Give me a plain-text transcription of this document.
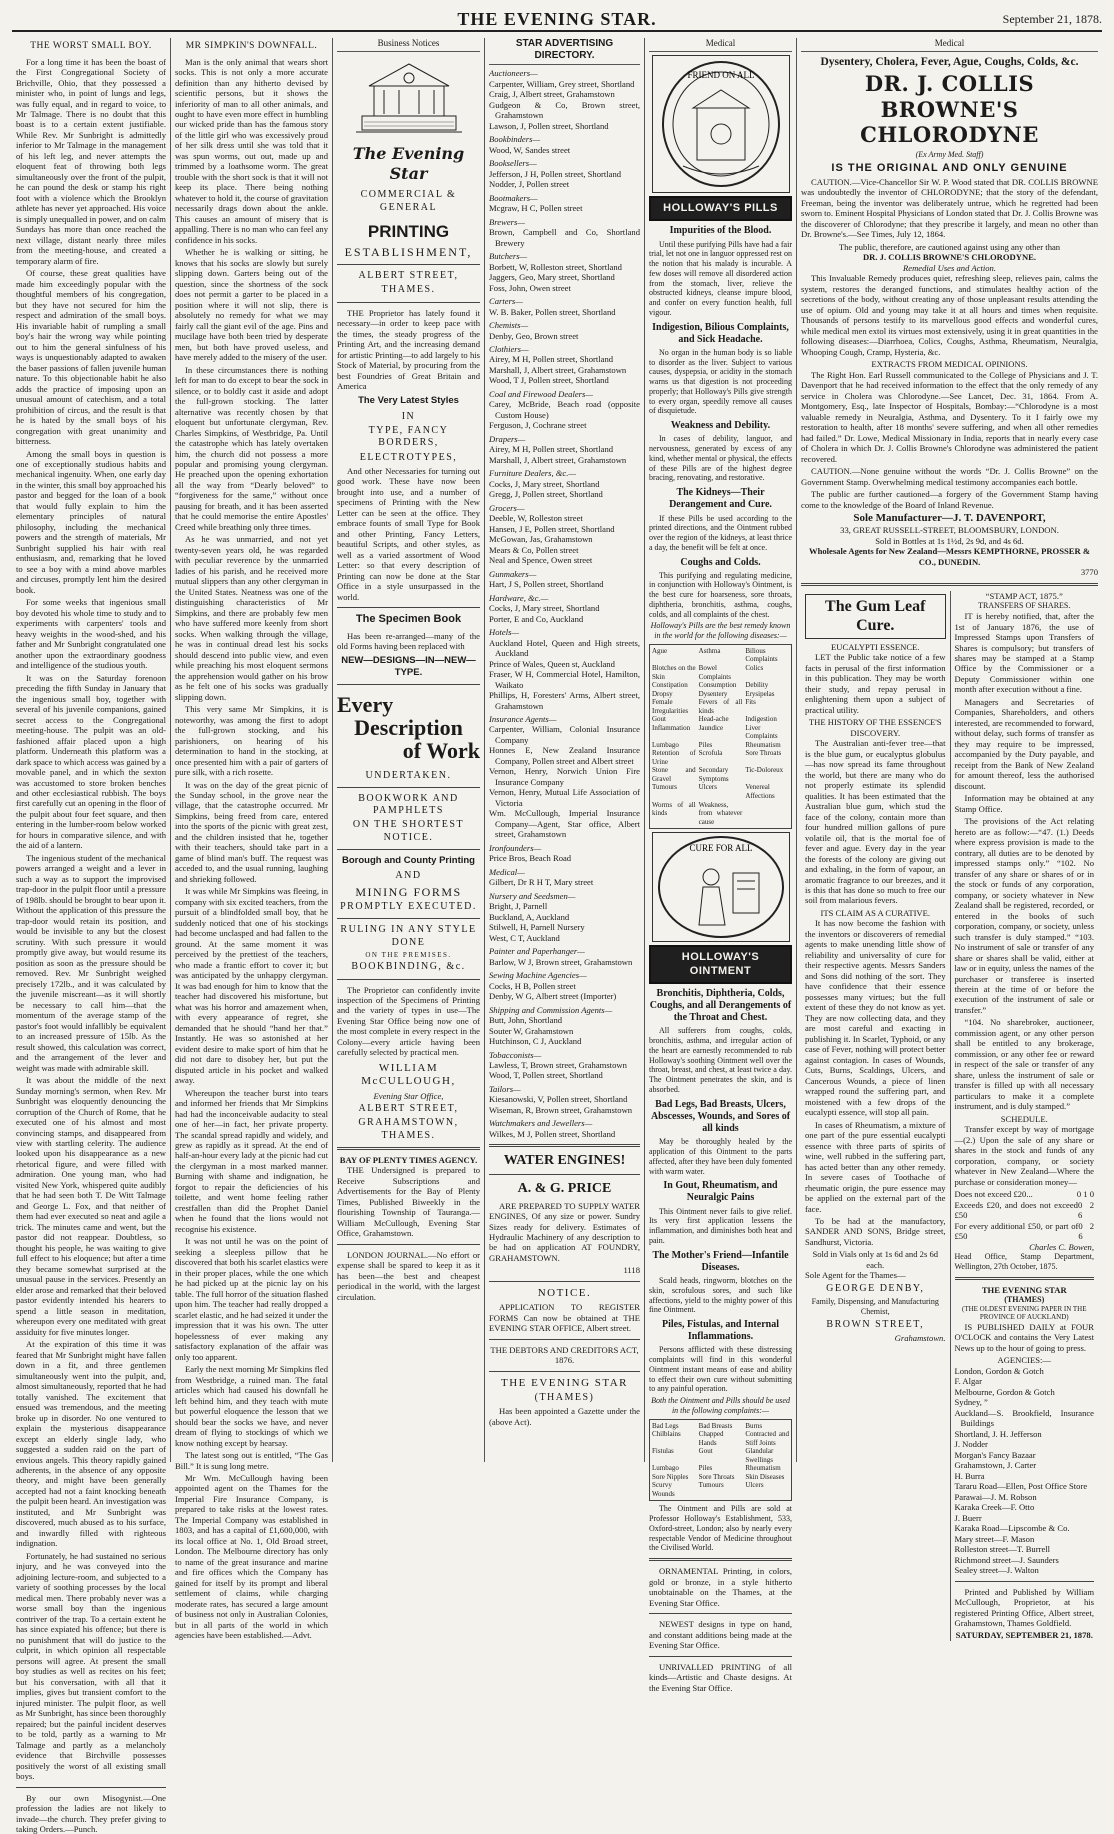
THE EVENING STAR.	September 21, 1878.
THE WORST SMALL BOY.

For a long time it has been the boast of the First Congregational Society of Brichville, Ohio, that they possessed a minister who, in point of lungs and legs, was fully equal, and in regard to voice, to Mr Talmage. There is no doubt that this boast is to a certain extent justifiable. While Rev. Mr Sunbright is admittedly inferior to Mr Talmage in the management of his left leg, and never attempts the eloquent feat of throwing both legs simultaneously over the front of the pulpit, he can pound the desk or stamp his right foot with a violence which the Brooklyn athlete has never yet approached. His voice is simply unequalled in power, and on calm Sundays has more than once reached the next village, distant nearly three miles from the meeting-house, and created a temporary alarm of fire.

Of course, these great qualities have made him exceedingly popular with the thoughtful members of his congregation, but they have not secured for him the respect and admiration of the small boys. His invariable habit of rumpling a small boy's hair the wrong way while pointing out to him the general sinfulness of his ways is unquestionably adapted to awaken the baser passions of fallen juvenile human nature. To this objectionable habit he also adds the practice of imposing upon an unusual amount of catechism, and a total prohibition of circus, and the result is that he is hated by the small boys of his congregation with great unanimity and bitterness.

Among the small boys in question is one of exceptionally studious habits and mechanical ingenuity. When, one early day in the winter, this small boy approached his pastor and begged for the loan of a book that would fully explain to him the elementary principles of natural philosophy, including the mechanical powers and the strength of materials, Mr Sunbright supplied his hair with real enthusiasm, and, remarking that he loved to see a boy with a mind above marbles and circuses, promptly lent him the desired book.

For some weeks that ingenious small boy devoted his whole time to study and to experiments with carpenters' tools and heavy weights in the wood-shed, and his father and Mr Sunbright congratulated one another upon the extraordinary goodness and intelligence of the studious youth.

It was on the Saturday forenoon preceding the fifth Sunday in January that the ingenious small boy, together with several of his juvenile companions, gained secret access to the Congregational meeting-house. The pulpit was an old-fashioned affair placed upon a high platform. Underneath this platform was a dark space to which access was gained by a movable panel, and in which the sexton was accustomed to store broken benches and other ecclesiastical rubbish. The boys first carefully cut an opening in the floor of the pulpit about four feet square, and then entering in the lumber-room below worked for hours in comparative silence, and with the aid of a lantern.

The ingenious student of the mechanical powers arranged a weight and a lever in such a way as to support the improvised trap-door in the pulpit floor until a pressure of 198lb. should be brought to bear upon it. Without the application of this pressure the trap-door would retain its position, and would be invisible to any but the closest scrutiny. With such pressure it would promptly give away, but would resume its position as soon as the pressure should be removed. Rev. Mr Sunbright weighed precisely 172lb., and it was calculated by the juvenile miscreant—as it will shortly be necessary to call him—that the momentum of the average stamp of the pastor's foot would infallibly be equivalent to an increased pressure of 15lb. As the result showed, this calculation was correct, and the arrangement of the lever and weight was made with admirable skill.

It was about the middle of the next Sunday morning's sermon, when Rev. Mr Sunbright was eloquently denouncing the corruption of the Church of Rome, that he executed one of his almost and most convincing stamps, and disappeared from view with startling celerity. The audience looked upon his disappearance as a new rhetorical figure, and were filled with admiration. One young man, who had visited New York, whispered quite audibly that he had seen both T. De Witt Talmage and George L. Fox, and that neither of them had ever executed so neat and agile a trick. The minutes came and went, but the pastor did not reappear. Doubtless, so thought his people, he was waiting to give full effect to his eloquence; but after a time they became somewhat surprised at the unusual pause in the services. Presently an elder arose and remarked that their beloved pastor evidently intended his hearers to spend a little season in meditation, whereupon every one meditated with great assiduity for five minutes longer.

At the expiration of this time it was feared that Mr Sunbright might have fallen down in a fit, and three gentlemen simultaneously went into the pulpit, and, almost simultaneously, reported that he had totally vanished. The excitement that ensued was tremendous, and the meeting broke up in disorder. No one ventured to explain the mysterious disappearance except an elderly single lady, who suggested a sudden raid on the part of envious angels. This theory rapidly gained adherents, in the absence of any opposite theory, and might have been generally accepted had not a faint knocking beneath the pulpit been heard. An investigation was instituted, and Mr Sunbright was discovered, much abused as to his surface, and inwardly filled with righteous indignation.

Fortunately, he had sustained no serious injury, and he was conveyed into the adjoining lecture-room, and subjected to a variety of soothing processes by the local medical men. There probably never was a worse small boy than the ingenious contriver of the trap. To a certain extent he has since expiated his offence; but there is no punishment that will do justice to the culprit, in which opinion all respectable persons will agree. At present the small boy studies as well as recites on his feet; but his conversation, with all that it implies, gives but transient comfort to the injured minister. The pulpit floor, as well as Mr Sunbright, has since been thoroughly repaired; but the painful incident deserves to be told, partly as a warning to Mr Talmage and partly as a melancholy evidence that Birchville possesses positively the worst of all existing small boys.

By our own Misogynist.—One profession the ladies are not likely to invade—the church. They prefer giving to taking Orders.—Punch.

MR SIMPKIN'S DOWNFALL.

Man is the only animal that wears short socks. This is not only a more accurate definition than any hitherto devised by scientific persons, but it shows the inferiority of man to all other animals, and ought to have even more effect in humbling our wicked pride than has the famous story of the little girl who was excessively proud of her silk dress until she was told that it was spun worms, out out, made up and trimmed by a loathsome worm. The great trouble with the short sock is that it will not keep its place. There being nothing whatever to hold it, the course of gravitation necessarily drags down about the ankle. This causes an amount of misery that is appalling. There is no man who can feel any confidence in his socks.

Whether he is walking or sitting, he knows that his socks are slowly but surely slipping down. Garters being out of the question, since the shortness of the sock does not permit a garter to be placed in a position where it will not slip, there is absolutely no remedy for what we may fairly call the giant evil of the age. Pins and mucilage have both been tried by desperate men, but both have proved useless, and have merely added to the misery of the user.

In these circumstances there is nothing left for man to do except to bear the sock in silence, or to boldly cast it aside and adopt the full-grown stocking. The latter alternative was recently chosen by that eloquent but unfortunate clergyman, Rev. Charles Simpkins, of Westbridge, Pa. Until the catastrophe which has lately overtaken him, the church did not possess a more popular and promising young clergyman. He preached upon the opening exhortation all the way from “Dearly beloved” to “forgiveness for the same,” without once pausing for breath, and it has been asserted that he could memorise the entire Apostles' Creed while breathing only three times.

As he was unmarried, and not yet twenty-seven years old, he was regarded with peculiar reverence by the unmarried ladies of his parish, and he received more mutual slippers than any other clergyman in the United States. Neatness was one of the distinguishing characteristics of Mr Simpkins, and there are probably few men who have suffered more keenly from short socks. When walking through the village, he was in continual dread lest his socks should descend into public view, and even while preaching his most eloquent sermons the apprehension would gather on his brow as he felt one of his socks was gradually slipping down.

This very same Mr Simpkins, it is noteworthy, was among the first to adopt the full-grown stocking, and his parishioners, on hearing of his determination to hand in the stocking, at once presented him with a pair of garters of pure silk, with a rich rosette.

It was on the day of the great picnic of the Sunday school, in the grove near the village, that the catastrophe occurred. Mr Simpkins, being freed from care, entered into the sports of the picnic with great zest, and the children insisted that he, together with their teachers, should take part in a game of blind man's buff. The request was acceded to, and the usual running, laughing and shrieking followed.

It was while Mr Simpkins was fleeing, in company with six excited teachers, from the pursuit of a blindfolded small boy, that he suddenly noticed that one of his stockings had become unclasped and had fallen to the ground. At the same moment it was perceived by the prettiest of the teachers, who made a frantic effort to cover it; but was anticipated by the unhappy clergyman. It was bad enough for him to know that the teacher had discovered his misfortune, but what was his horror and amazement when, with every appearance of regret, she demanded that he should “hand her that.” Instantly. He was so astonished at her evident desire to make sport of him that he did not dare to disobey her, but put the disputed article in his pocket and walked away.

Whereupon the teacher burst into tears and informed her friends that Mr Simpkins had had the inconceivable audacity to steal one of her—in fact, her private property. The scandal spread rapidly and widely, and grew as rapidly as it spread. At the end of half-an-hour every lady at the picnic had cut the clergyman in a most marked manner. Burning with shame and indignation, he forgot to repair the deficiencies of his toilette, and went home feeling rather crestfallen than did the Prophet Daniel when he found that the lions would not recognise his existence.

It was not until he was on the point of seeking a sleepless pillow that he discovered that both his scarlet elastics were in their proper places, while the one which he had picked up at the picnic lay on his table. The full horror of the situation flashed upon him. The teacher had really dropped a scarlet elastic, and he had seized it under the impression that it was his own. The utter hopelessness of ever making any satisfactory explanation of the affair was only too apparent.

Early the next morning Mr Simpkins fled from Westbridge, a ruined man. The fatal articles which had caused his downfall he left behind him, and they teach with mute but powerful eloquence the lesson that we should bear the socks we have, and never dream of flying to stockings of which we know nothing except by hearsay.

The latest song out is entitled, “The Gas Bill.” It is sung long metre.

Mr Wm. McCullough having been appointed agent on the Thames for the Imperial Fire Insurance Company, is prepared to take risks at the lowest rates. The Imperial Company was established in 1803, and has a capital of £1,600,000, with its local office at No. 1, Old Broad street, London. The Melbourne directory has only to name of the great insurance and marine and fire offices which the Company has gained for itself by its prompt and liberal settlement of claims, while charging moderate rates, has secured a large amount of business not only in Australian Colonies, but in all parts of the world in which agencies have been established.—Advt.

Business Notices
The Evening Star
COMMERCIAL & GENERAL
PRINTING
ESTABLISHMENT,
ALBERT STREET,
THAMES.

THE Proprietor has lately found it necessary—in order to keep pace with the times, the steady progress of the Printing Art, and the increasing demand for artistic Printing—to add largely to his Stock of Material, by procuring from the best Foundries of Great Britain and America

The Very Latest Styles
IN
TYPE, FANCY BORDERS,
ELECTROTYPES,

And other Necessaries for turning out good work. These have now been brought into use, and a number of specimens of Printing with the New Letter can be seen at the office. They embrace founts of small Type for Book and other Printing, Fancy Letters, beautiful Scripts, and other styles, as well as a varied assortment of Wood Letter: so that every description of Printing can now be done at the Star Office in a style unsurpassed in the world.

The Specimen Book

Has been re-arranged—many of the old Forms having been replaced with

NEW—DESIGNS—IN—NEW—TYPE.
Every
Description
of Work
UNDERTAKEN.
BOOKWORK AND PAMPHLETS
ON THE SHORTEST NOTICE.
Borough and County Printing
AND
MINING FORMS
PROMPTLY EXECUTED.
RULING IN ANY STYLE DONE
ON THE PREMISES.
BOOKBINDING, &c.

The Proprietor can confidently invite inspection of the Specimens of Printing and the variety of types in use—The Evening Star Office being now one of the most complete in every respect in the Colony—every article having been carefully selected by practical men.

WILLIAM McCULLOUGH,
Evening Star Office,
ALBERT STREET,
GRAHAMSTOWN, THAMES.
BAY OF PLENTY TIMES AGENCY.

THE Undersigned is prepared to Receive Subscriptions and Advertisements for the Bay of Plenty Times, Published Biweekly in the flourishing Township of Tauranga.—William McCullough, Evening Star Office, Grahamstown.

LONDON JOURNAL.—No effort or expense shall be spared to keep it as it has been—the best and cheapest periodical in the world, with the largest circulation.

STAR ADVERTISING DIRECTORY.
Auctioneers—
Carpenter, William, Grey street, Shortland
Craig, J, Albert street, Grahamstown
Gudgeon & Co, Brown street, Grahamstown
Lawson, J, Pollen street, Shortland
Bookbinders—
Wood, W, Sandes street
Booksellers—
Jefferson, J H, Pollen street, Shortland
Nodder, J, Pollen street
Bootmakers—
Mcgraw, H C, Pollen street
Brewers—
Brown, Campbell and Co, Shortland Brewery
Butchers—
Borbett, W, Rolleston street, Shortland
Jaggers, Geo, Mary street, Shortland
Foss, John, Owen street
Carters—
W. B. Baker, Pollen street, Shortland
Chemists—
Denby, Geo, Brown street
Clothiers—
Airey, M H, Pollen street, Shortland
Marshall, J, Albert street, Grahamstown
Wood, T J, Pollen street, Shortland
Coal and Firewood Dealers—
Carey, McBride, Beach road (opposite Custom House)
Ferguson, J, Cochrane street
Drapers—
Airey, M H, Pollen street, Shortland
Marshall, J, Albert street, Grahamstown
Furniture Dealers, &c.—
Cocks, J, Mary street, Shortland
Gregg, J, Pollen street, Shortland
Grocers—
Deeble, W, Rolleston street
Hansen, J E, Pollen street, Shortland
McGowan, Jas, Grahamstown
Mears & Co, Pollen street
Neal and Spence, Owen street
Gunmakers—
Hart, J S, Pollen street, Shortland
Hardware, &c.—
Cocks, J, Mary street, Shortland
Porter, E and Co, Auckland
Hotels—
Auckland Hotel, Queen and High streets, Auckland
Prince of Wales, Queen st, Auckland
Fraser, W H, Commercial Hotel, Hamilton, Waikato
Phillips, H, Foresters' Arms, Albert street, Grahamstown
Insurance Agents—
Carpenter, William, Colonial Insurance Company
Honnes E, New Zealand Insurance Company, Pollen street and Albert street
Vernon, Henry, Norwich Union Fire Insurance Company
Vernon, Henry, Mutual Life Association of Victoria
Wm. McCullough, Imperial Insurance Company—Agent, Star office, Albert street, Grahamstown
Ironfounders—
Price Bros, Beach Road
Medical—
Gilbert, Dr R H T, Mary street
Nursery and Seedsmen—
Bright, J, Parnell
Buckland, A, Auckland
Stilwell, H, Parnell Nursery
West, C T, Auckland
Painter and Paperhanger—
Barlow, W J, Brown street, Grahamstown
Sewing Machine Agencies—
Cocks, H B, Pollen street
Denby, W G, Albert street (Importer)
Shipping and Commission Agents—
Butt, John, Shortland
Souter W, Grahamstown
Hutchinson, C J, Auckland
Tobacconists—
Lawless, T, Brown street, Grahamstown
Wood, T, Pollen street, Shortland
Tailors—
Kiesanowski, V, Pollen street, Shortland
Wiseman, R, Brown street, Grahamstown
Watchmakers and Jewellers—
Wilkes, M J, Pollen street, Shortland
WATER ENGINES!
A. & G. PRICE

ARE PREPARED TO SUPPLY WATER ENGINES, Of any size or power. Sundry Sizes ready for delivery. Estimates of Hydraulic Machinery of any description to be had on application AT FOUNDRY, GRAHAMSTOWN.

1118
NOTICE.

APPLICATION TO REGISTER FORMS Can now be obtained at THE EVENING STAR OFFICE, Albert street.

THE DEBTORS AND CREDITORS ACT, 1876.
THE EVENING STAR
(THAMES)

Has been appointed a Gazette under the (above Act).

Medical
FRIEND ON ALL
HOLLOWAY'S PILLS
Impurities of the Blood.

Until these purifying Pills have had a fair trial, let not one in languor oppressed rest on the notion that his malady is incurable. A few doses will remove all disordered action from the stomach, liver, relieve the obstructed kidneys, cleanse impure blood, and confer on every function health, full vigour.

Indigestion, Bilious Complaints, and Sick Headache.

No organ in the human body is so liable to disorder as the liver. Subject to various causes, dyspepsia, or acidity in the stomach warns us that digestion is not proceeding properly; that Holloway's Pills give strength to every organ, speedily remove all causes of disquietude.

Weakness and Debility.

In cases of debility, languor, and nervousness, generated by excess of any kind, whether mental or physical, the effects of these Pills are of the highest degree bracing, renovating, and restorative.

The Kidneys—Their Derangement and Cure.

If these Pills be used according to the printed directions, and the Ointment rubbed over the region of the kidneys, at least thrice a day, the benefit will be felt at once.

Coughs and Colds.

This purifying and regulating medicine, in conjunction with Holloway's Ointment, is the best cure for hoarseness, sore throats, diphtheria, bronchitis, asthma, coughs, colds, and all complaints of the chest.

Holloway's Pills are the best remedy known in the world for the following diseases:—
Ague	Asthma	Bilious Complaints
Blotches on the Skin
Bowel Complaints
Colics
Constipation	Consumption	Debility
Dropsy	Dysentery	Erysipelas
Female Irregularities
Fevers of all kinds
Fits
Gout	Head-ache	Indigestion
Inflammation	Jaundice	Liver Complaints
Lumbago	Piles	Rheumatism
Retention of Urine
Scrofula	Sore Throats
Stone and Gravel
Secondary Symptoms
Tic-Doloreux
Tumours	Ulcers	Venereal Affections
Worms of all kinds
Weakness, from whatever cause
CURE FOR ALL
HOLLOWAY'S OINTMENT
Bronchitis, Diphtheria, Colds, Coughs, and all Derangements of the Throat and Chest.

All sufferers from coughs, colds, bronchitis, asthma, and irregular action of the heart are earnestly recommended to rub Holloway's soothing Ointment well over the throat, breast, and chest, at least twice a day. The Ointment penetrates the skin, and is absorbed.

Bad Legs, Bad Breasts, Ulcers, Abscesses, Wounds, and Sores of all kinds

May be thoroughly healed by the application of this Ointment to the parts affected, after they have been duly fomented with warm water.

In Gout, Rheumatism, and Neuralgic Pains

This Ointment never fails to give relief. Its very first application lessens the inflammation, and diminishes both heat and pain.

The Mother's Friend—Infantile Diseases.

Scald heads, ringworm, blotches on the skin, scrofulous sores, and such like affections, yield to the mighty power of this fine Ointment.

Piles, Fistulas, and Internal Inflammations.

Persons afflicted with these distressing complaints will find in this wonderful Ointment instant means of ease and ability to effect their own cure without submitting to any painful operation.

Both the Ointment and Pills should be used in the following complaints:—
Bad Legs	Bad Breasts	Burns
Chilblains	Chapped Hands
Contracted and Stiff Joints
Fistulas	Gout	Glandular Swellings
Lumbago	Piles	Rheumatism
Sore Nipples	Sore Throats	Skin Diseases
Scurvy	Tumours	Ulcers
Wounds

The Ointment and Pills are sold at Professor Holloway's Establishment, 533, Oxford-street, London; also by nearly every respectable Vendor of Medicine throughout the Civilised World.

ORNAMENTAL Printing, in colors, gold or bronze, in a style hitherto unobtainable on the Thames, at the Evening Star Office.

NEWEST designs in type on hand, and constant additions being made at the Evening Star Office.

UNRIVALLED PRINTING of all kinds—Artistic and Chaste designs. At the Evening Star Office.

Medical
Dysentery, Cholera, Fever, Ague, Coughs, Colds, &c.
DR. J. COLLIS BROWNE'S CHLORODYNE
(Ex Army Med. Staff)
IS THE ORIGINAL AND ONLY GENUINE

CAUTION.—Vice-Chancellor Sir W. P. Wood stated that DR. COLLIS BROWNE was undoubtedly the inventor of CHLORODYNE; that the story of the defendant, Freeman, being the inventor was deliberately untrue, which he regretted had been sworn to. Eminent Hospital Physicians of London stated that Dr. J. Collis Browne was the discoverer of Chlorodyne; that they prescribe it largely, and mean no other than Dr. Browne's.—See Times, July 12, 1864.

The public, therefore, are cautioned against using any other than
DR. J. COLLIS BROWNE'S CHLORODYNE.
Remedial Uses and Action.

This Invaluable Remedy produces quiet, refreshing sleep, relieves pain, calms the system, restores the deranged functions, and stimulates healthy action of the secretions of the body, without creating any of those unpleasant results attending the use of opium. Old and young may take it at all hours and times when requisite. Thousands of persons testify to its marvellous good effects and wonderful cures, while medical men extol its virtues most extensively, using it in great quantities in the following diseases:—Diarrhoea, Colics, Coughs, Asthma, Rheumatism, Neuralgia, Whooping Cough, Cramp, Hysteria, &c.

EXTRACTS FROM MEDICAL OPINIONS.

The Right Hon. Earl Russell communicated to the College of Physicians and J. T. Davenport that he had received information to the effect that the only remedy of any service in Cholera was Chlorodyne.—See Lancet, Dec. 31, 1864. From A. Montgomery, Esq., late Inspector of Hospitals, Bombay:—“Chlorodyne is a most valuable remedy in Neuralgia, Asthma, and Dysentery. To it I fairly owe my restoration to health, after 18 months' severe suffering, and when all other remedies had failed.” Dr. Lowe, Medical Missionary in India, reports that in nearly every case of Cholera in which Dr. J. Collis Browne's Chlorodyne was administered the patient recovered.

CAUTION.—None genuine without the words “Dr. J. Collis Browne” on the Government Stamp. Overwhelming medical testimony accompanies each bottle.

The public are further cautioned—a forgery of the Government Stamp having come to the knowledge of the Board of Inland Revenue.

Sole Manufacturer—J. T. DAVENPORT,
33, GREAT RUSSELL-STREET, BLOOMSBURY, LONDON.
Sold in Bottles at 1s 1½d, 2s 9d, and 4s 6d.
Wholesale Agents for New Zealand—Messrs KEMPTHORNE, PROSSER & CO., DUNEDIN.
3770
The Gum Leaf Cure.
EUCALYPTI ESSENCE.

LET the Public take notice of a few facts in perusal of the first information in this publication. They may be worth their study, and repay perusal in enlightening them upon a subject of practical utility.

THE HISTORY OF THE ESSENCE'S DISCOVERY.

The Australian anti-fever tree—that is the blue gum, or eucalyptus globulus—has now spread its fame throughout the world, but there are many who do not properly estimate its splendid qualities. It has been estimated that the Australian blue gum, which stud the face of the colony, contain more than four hundred million gallons of pure volatile oil, that is the mortal foe of fever and ague. Every day in the year the forests of the colony are giving out and exhaling, in the form of vapour, an aromatic fragrance to our breezes, and it is this that has done so much to free our soil from malarious fevers.

ITS CLAIM AS A CURATIVE.

It has now become the fashion with the inventors or discoverers of remedial agents to make unending little show of reliability and universality of cure for their respective agents. Messrs Sanders and Sons did nothing of the sort. They have confidence that their essence possesses many virtues; but the full extent of these they do not know as yet. They are now collecting data, and they are most careful and exacting in publishing it. In Scarlet, Typhoid, or any case of Fever, nothing will protect better against contagion. In cases of Wounds, Cuts, Burns, Scaldings, Ulcers, and Cancerous Wounds, a piece of linen wrapped round the suffering part, and moistened with a few drops of the eucalypti essence, will stop all pain.

In cases of Rheumatism, a mixture of one part of the pure essential eucalypti essence with three parts of spirits of wine, well rubbed in the suffering part, has acted better than any other remedy. In severe cases of Toothache of rheumatic origin, the pure essence may be applied on the external part of the face.

To be had at the manufactory, SANDER AND SONS, Bridge street, Sandhurst, Victoria.

Sold in Vials only at 1s 6d and 2s 6d each.
Sole Agent for the Thames—
GEORGE DENBY,
Family, Dispensing, and Manufacturing Chemist,
BROWN STREET,
Grahamstown.
“STAMP ACT, 1875.”
TRANSFERS OF SHARES.

IT is hereby notified, that, after the 1st of January 1876, the use of Impressed Stamps upon Transfers of Shares is compulsory; but transfers of shares may be stamped at a Stamp Office by the Commissioner or a Deputy Commissioner within one month after execution without a fine.

Managers and Secretaries of Companies, Shareholders, and others interested, are recommended to forward, without delay, such forms of transfer as they may require to be impressed, accompanied by the Duty payable, and receipt from the Bank of New Zealand for amount thereof, less the authorised discount.

Information may be obtained at any Stamp Office.

The provisions of the Act relating hereto are as follow:—“47. (1.) Deeds where express provision is made to the contrary, all duties are to be denoted by impressed stamps only.” “102. No transfer of any share or shares of or in the stock or funds of any corporation, company, or society whatever in New Zealand shall be registered, recorded, or entered in the books of such corporation, company, or society, unless such transfer is duly stamped.” “103. No instrument of sale or transfer of any share or shares shall be valid, either at law or in equity, unless the names of the purchaser or transferee is inserted therein at the time of or before the execution of the instrument of sale or transfer.”

“104. No sharebroker, auctioneer, commission agent, or any other person shall be entitled to any brokerage, commission, or any other fee or reward in respect of the sale or transfer of any share, unless the instrument of sale or transfer is filled up with all necessary particulars to make it a complete instrument, and is duly stamped.”

SCHEDULE.

Transfer except by way of mortgage—(2.) Upon the sale of any share or shares in the stock and funds of any corporation, company, or society whatever in New Zealand—Where the purchase or consideration money—

Does not exceed £20...	0 1 0
Exceeds £20, and does not exceed £50
0 2 6
For every additional £50, or part of £50
0 2 6
Charles C. Bowen,

Head Office, Stamp Department, Wellington, 27th October, 1875.

THE EVENING STAR
(THAMES)
(THE OLDEST EVENING PAPER IN THE PROVINCE OF AUCKLAND)

IS PUBLISHED DAILY at FOUR O'CLOCK and contains the Very Latest News up to the hour of going to press.

AGENCIES:—
London, Gordon & Gotch
F. Algar
Melbourne, Gordon & Gotch
Sydney, ”
Auckland—S. Brookfield, Insurance Buildings
Shortland, J. H. Jefferson
J. Nodder
Morgan's Fancy Bazaar
Grahamstown, J. Carter
H. Burra
Tararu Road—Ellen, Post Office Store
Parawai—J. M. Robson
Karaka Creek—F. Otto
J. Buerr
Karaka Road—Lipscombe & Co.
Mary street—F. Mason
Rolleston street—T. Burrell
Richmond street—J. Saunders
Sealey street—J. Walton

Printed and Published by William McCullough, Proprietor, at his registered Printing Office, Albert street, Grahamstown, Thames Goldfield.

SATURDAY, SEPTEMBER 21, 1878.
